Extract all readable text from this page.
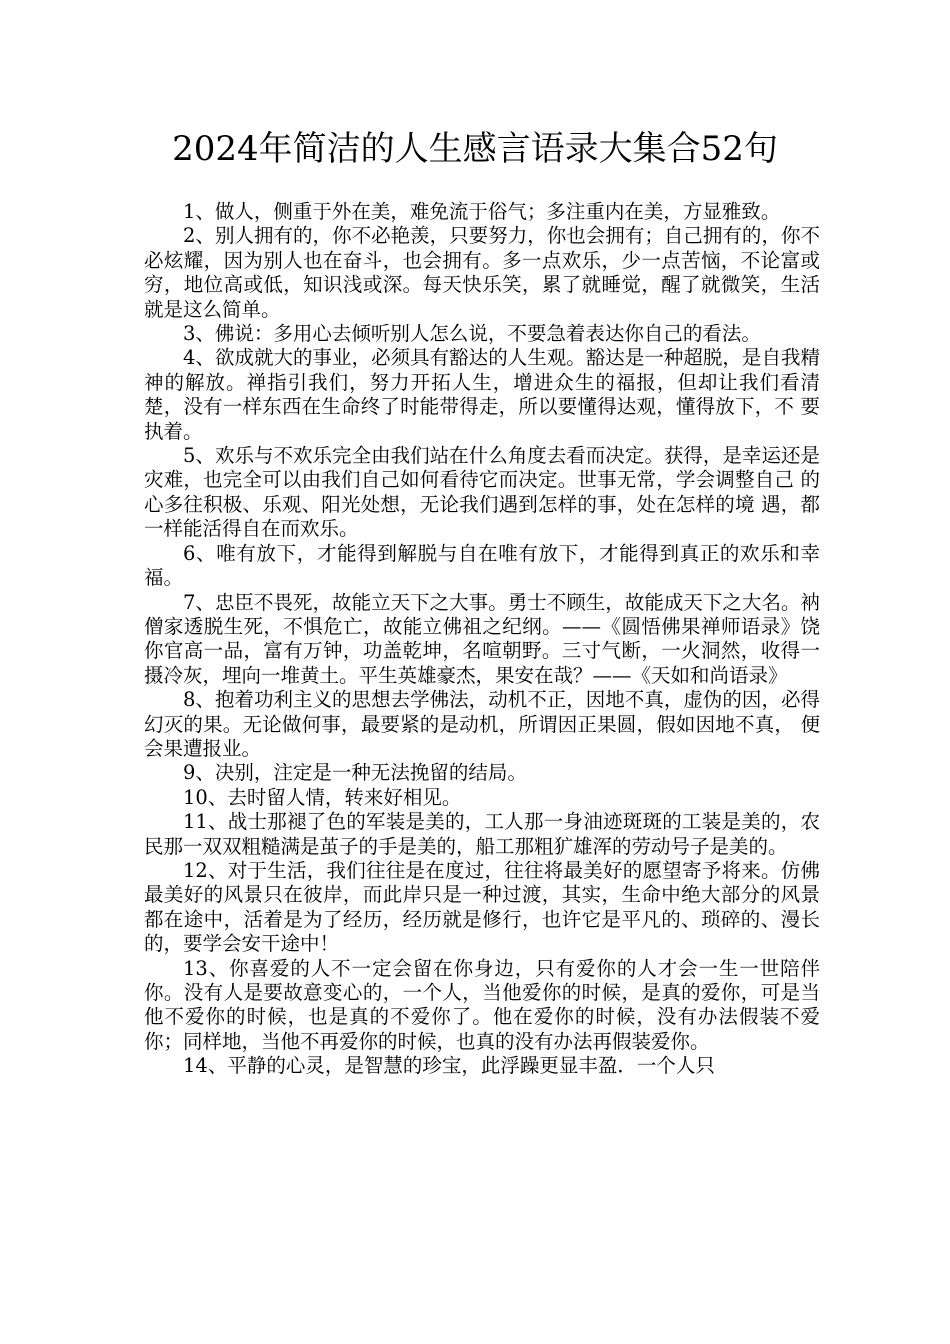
2024年简洁的人生感言语录大集合52句

1、做人，侧重于外在美，难免流于俗气；多注重内在美，方显雅致。

2、别人拥有的，你不必艳羡，只要努力，你也会拥有；自己拥有的，你不必炫耀，因为别人也在奋斗，也会拥有。多一点欢乐，少一点苦恼，不论富或穷，地位高或低，知识浅或深。每天快乐笑，累了就睡觉，醒了就微笑，生活就是这么简单。

3、佛说：多用心去倾听别人怎么说，不要急着表达你自己的看法。

4、欲成就大的事业，必须具有豁达的人生观。豁达是一种超脱，是自我精 神的解放。禅指引我们，努力开拓人生，增进众生的福报，但却让我们看清 楚，没有一样东西在生命终了时能带得走，所以要懂得达观，懂得放下，不 要执着。

5、欢乐与不欢乐完全由我们站在什么角度去看而决定。获得，是幸运还是 灾难，也完全可以由我们自己如何看待它而决定。世事无常，学会调整自己 的心多往积极、乐观、阳光处想，无论我们遇到怎样的事，处在怎样的境 遇，都一样能活得自在而欢乐。

6、唯有放下，才能得到解脱与自在唯有放下，才能得到真正的欢乐和幸福。

7、忠臣不畏死，故能立天下之大事。勇士不顾生，故能成天下之大名。衲僧家透脱生死，不惧危亡，故能立佛祖之纪纲。——《圆悟佛果禅师语录》饶你官高一品，富有万钟，功盖乾坤，名喧朝野。三寸气断，一火洞然，收得一摄冷灰，埋向一堆黄土。平生英雄豪杰，果安在哉？——《天如和尚语录》

8、抱着功利主义的思想去学佛法，动机不正，因地不真，虚伪的因，必得 幻灭的果。无论做何事，最要紧的是动机，所谓因正果圆，假如因地不真， 便会果遭报业。

9、决别，注定是一种无法挽留的结局。

10、去时留人情，转来好相见。

11、战士那褪了色的军装是美的，工人那一身油迹斑斑的工装是美的，农民那一双双粗糙满是茧子的手是美的，船工那粗犷雄浑的劳动号子是美的。

12、对于生活，我们往往是在度过，往往将最美好的愿望寄予将来。仿佛最美好的风景只在彼岸，而此岸只是一种过渡，其实，生命中绝大部分的风景都在途中，活着是为了经历，经历就是修行，也许它是平凡的、琐碎的、漫长的，要学会安干途中！

13、你喜爱的人不一定会留在你身边，只有爱你的人才会一生一世陪伴你。没有人是要故意变心的，一个人，当他爱你的时候，是真的爱你，可是当他不爱你的时候，也是真的不爱你了。他在爱你的时候，没有办法假装不爱你；同样地，当他不再爱你的时候，也真的没有办法再假装爱你。

14、平静的心灵，是智慧的珍宝，此浮躁更显丰盈．一个人只
